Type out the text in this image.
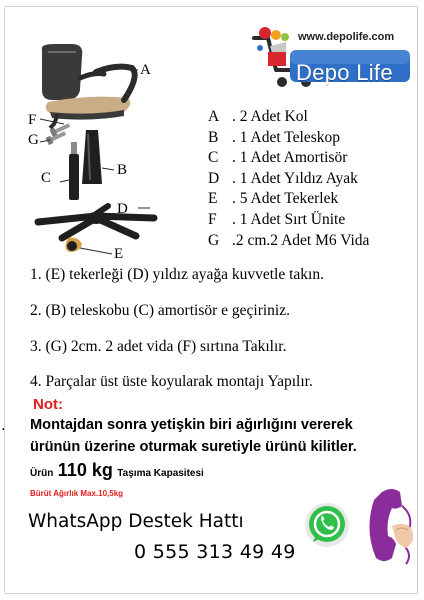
www.depolife.com
Depo Life
A
F
G
B
C
D
E
A . 2 Adet Kol
B . 1 Adet Teleskop
C . 1 Adet Amortisör
D . 1 Adet Yıldız Ayak
E . 5 Adet Tekerlek
F . 1 Adet Sırt Ünite
G .2 cm.2 Adet M6 Vida
1. (E) tekerleği (D) yıldız ayağa kuvvetle takın.
2. (B) teleskobu (C) amortisör e geçiriniz.
3. (G) 2cm. 2 adet vida (F) sırtına Takılır.
4. Parçalar üst üste koyularak montajı Yapılır.
Not:
. Montajdan sonra yetişkin biri ağırlığını vererek
ürünün üzerine oturmak suretiyle ürünü kilitler.
Ürün 110 kg Taşıma Kapasitesi
Bürüt Ağırlık Max.10,5kg
WhatsApp Destek Hattı
0 555 313 49 49
